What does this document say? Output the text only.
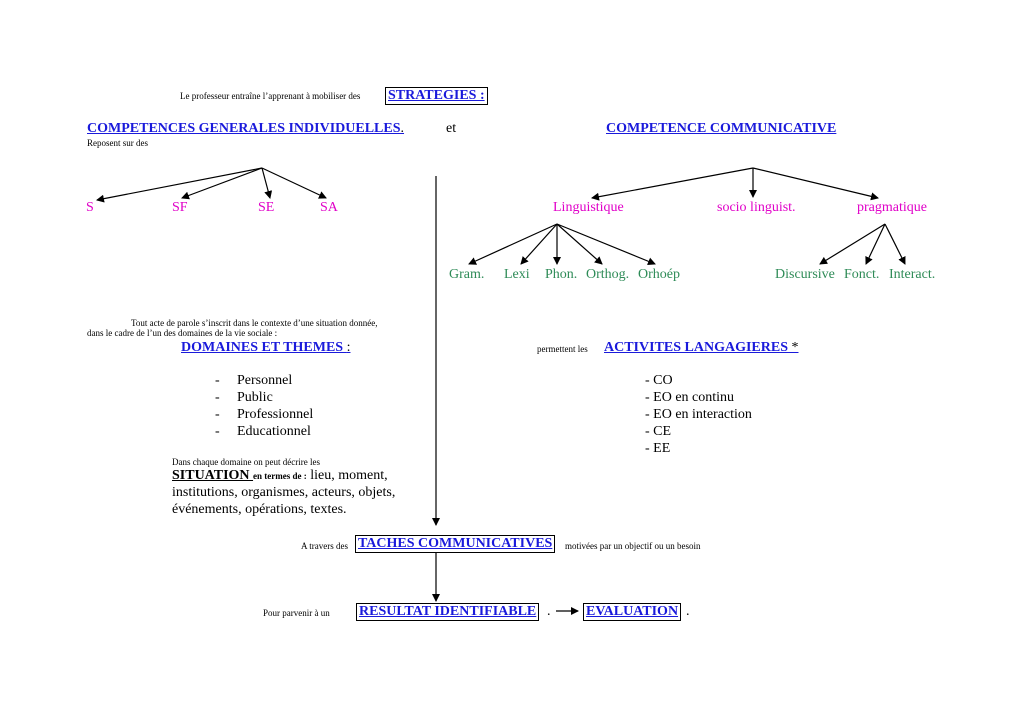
Le professeur entraîne l’apprenant à mobiliser des STRATEGIES :
COMPETENCES GENERALES INDIVIDUELLES.
Reposent sur des
et	COMPETENCE COMMUNICATIVE
S	SF	SE	SA	Linguistique	socio linguist.	pragmatique
Gram. Lexi Phon. Orthog. Orhoép	Discursive Fonct. Interact.
Tout acte de parole s’inscrit dans le contexte d’une situation donnée,
dans le cadre de l’un des domaines de la vie sociale :
DOMAINES ET THEMES :
- Personnel
- Public
- Professionnel
- Educationnel
Dans chaque domaine on peut décrire les
SITUATION en termes de : lieu, moment,
institutions, organismes, acteurs, objets,
événements, opérations, textes.
permettent les ACTIVITES LANGAGIERES *
- CO
- EO en continu
- EO en interaction
- CE
- EE
A travers des TACHES COMMUNICATIVES	motivées par un objectif ou un besoin
Pour parvenir à un RESULTAT IDENTIFIABLE .	EVALUATION .
